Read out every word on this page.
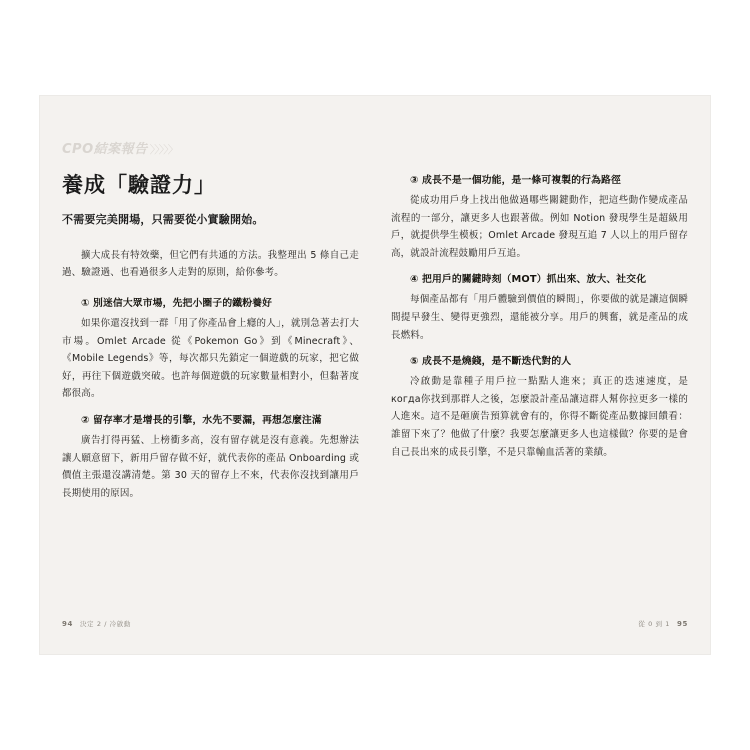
CPO結案報告 〉〉〉〉〉
養成「驗證力」
不需要完美開場，只需要從小實驗開始。

擴大成長有特效藥，但它們有共通的方法。我整理出 5 條自己走過、驗證過、也看過很多人走對的原則，給你參考。

① 別迷信大眾市場，先把小圈子的鐵粉養好

如果你還沒找到一群「用了你產品會上癮的人」，就別急著去打大市場。Omlet Arcade 從《Pokemon Go》到《Minecraft》、《Mobile Legends》等，每次都只先鎖定一個遊戲的玩家，把它做好，再往下個遊戲突破。也許每個遊戲的玩家數量相對小，但黏著度都很高。

② 留存率才是增長的引擎，水先不要漏，再想怎麼注滿

廣告打得再猛、上榜衝多高，沒有留存就是沒有意義。先想辦法讓人願意留下，新用戶留存做不好，就代表你的產品 Onboarding 或價值主張還沒講清楚。第 30 天的留存上不來，代表你沒找到讓用戶長期使用的原因。

③ 成長不是一個功能，是一條可複製的行為路徑

從成功用戶身上找出他做過哪些關鍵動作，把這些動作變成產品流程的一部分，讓更多人也跟著做。例如 Notion 發現學生是超級用戶，就提供學生模板；Omlet Arcade 發現互追 7 人以上的用戶留存高，就設計流程鼓勵用戶互追。

④ 把用戶的關鍵時刻（MOT）抓出來、放大、社交化

每個產品都有「用戶體驗到價值的瞬間」，你要做的就是讓這個瞬間提早發生、變得更強烈，還能被分享。用戶的興奮，就是產品的成長燃料。

⑤ 成長不是燒錢，是不斷迭代對的人

冷啟動是靠種子用戶拉一點點人進來；真正的迭速速度，是когда你找到那群人之後，怎麼設計產品讓這群人幫你拉更多一樣的人進來。這不是砸廣告預算就會有的，你得不斷從產品數據回饋看：誰留下來了？他做了什麼？我要怎麼讓更多人也這樣做？你要的是會自己長出來的成長引擎，不是只靠輸血活著的業績。

94 決定 2 / 冷啟動	從 0 到 1 95
